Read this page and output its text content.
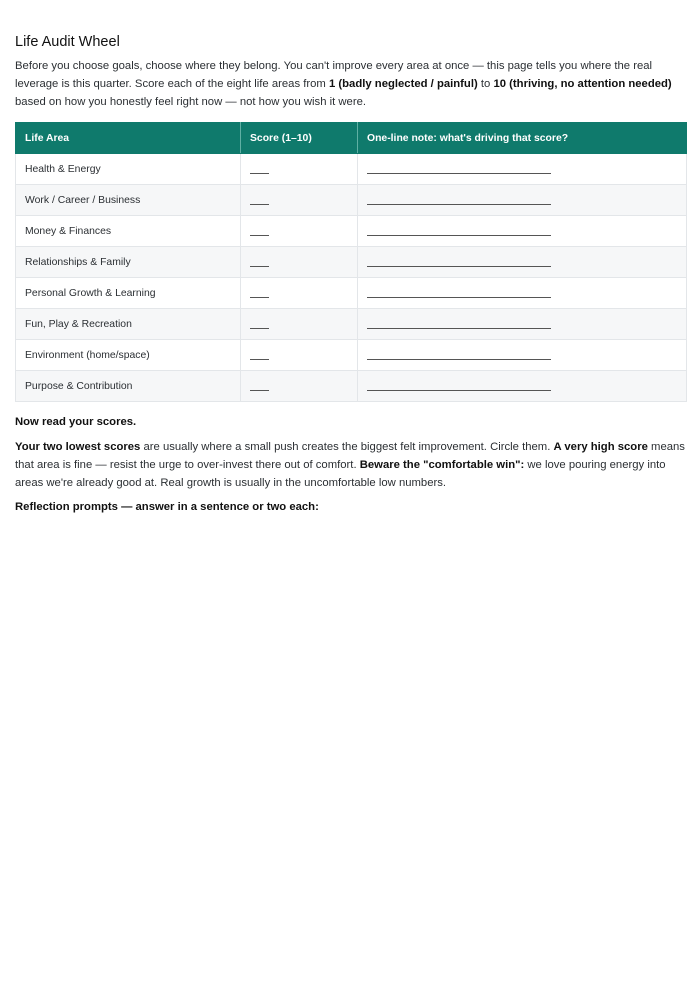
Life Audit Wheel

Before you choose goals, choose where they belong. You can't improve every area at once — this page tells you where the real leverage is this quarter. Score each of the eight life areas from 1 (badly neglected / painful) to 10 (thriving, no attention needed) based on how you honestly feel right now — not how you wish it were.

Life Area	Score (1–10)	One-line note: what's driving that score?
Health & Energy		
Work / Career / Business		
Money & Finances		
Relationships & Family		
Personal Growth & Learning		
Fun, Play & Recreation		
Environment (home/space)		
Purpose & Contribution		

Now read your scores.

Your two lowest scores are usually where a small push creates the biggest felt improvement. Circle them. A very high score means that area is fine — resist the urge to over-invest there out of comfort. Beware the "comfortable win": we love pouring energy into areas we're already good at. Real growth is usually in the uncomfortable low numbers.

Reflection prompts — answer in a sentence or two each:
